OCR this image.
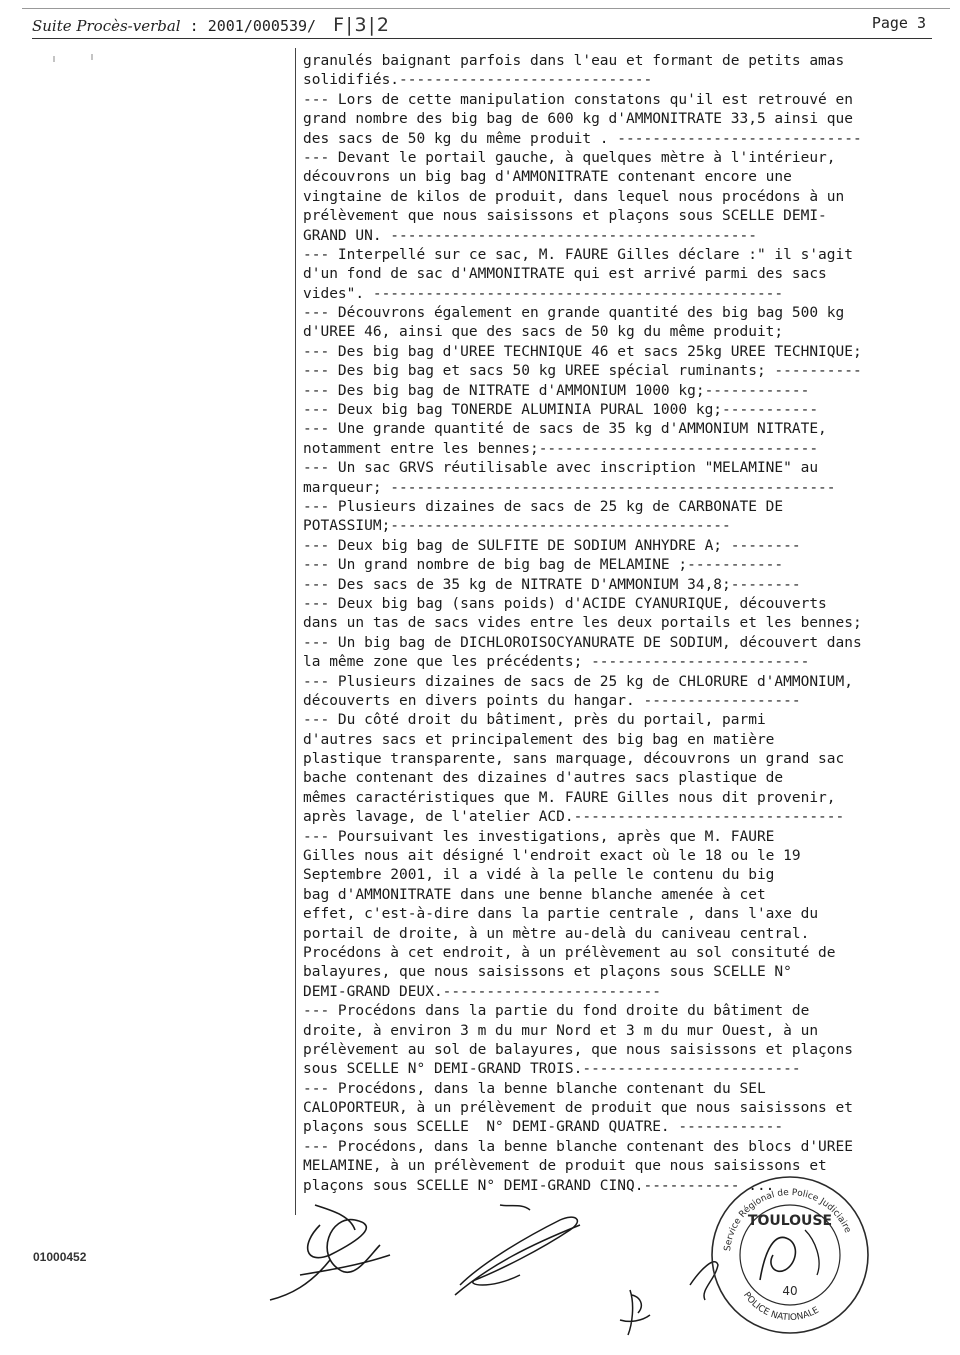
Suite Procès-verbal : 2001/000539/ F|3|2	Page 3
granulés baignant parfois dans l'eau et formant de petits amas
solidifiés.-----------------------------
--- Lors de cette manipulation constatons qu'il est retrouvé en
grand nombre des big bag de 600 kg d'AMMONITRATE 33,5 ainsi que
des sacs de 50 kg du même produit . ----------------------------
--- Devant le portail gauche, à quelques mètre à l'intérieur,
découvrons un big bag d'AMMONITRATE contenant encore une
vingtaine de kilos de produit, dans lequel nous procédons à un
prélèvement que nous saisissons et plaçons sous SCELLE DEMI-
GRAND UN. ------------------------------------------
--- Interpellé sur ce sac, M. FAURE Gilles déclare :" il s'agit
d'un fond de sac d'AMMONITRATE qui est arrivé parmi des sacs
vides". -----------------------------------------------
--- Découvrons également en grande quantité des big bag 500 kg
d'UREE 46, ainsi que des sacs de 50 kg du même produit;
--- Des big bag d'UREE TECHNIQUE 46 et sacs 25kg UREE TECHNIQUE;
--- Des big bag et sacs 50 kg UREE spécial ruminants; ----------
--- Des big bag de NITRATE d'AMMONIUM 1000 kg;------------
--- Deux big bag TONERDE ALUMINIA PURAL 1000 kg;-----------
--- Une grande quantité de sacs de 35 kg d'AMMONIUM NITRATE,
notamment entre les bennes;--------------------------------
--- Un sac GRVS réutilisable avec inscription "MELAMINE" au
marqueur; ---------------------------------------------------
--- Plusieurs dizaines de sacs de 25 kg de CARBONATE DE
POTASSIUM;---------------------------------------
--- Deux big bag de SULFITE DE SODIUM ANHYDRE A; --------
--- Un grand nombre de big bag de MELAMINE ;-----------
--- Des sacs de 35 kg de NITRATE D'AMMONIUM 34,8;--------
--- Deux big bag (sans poids) d'ACIDE CYANURIQUE, découverts
dans un tas de sacs vides entre les deux portails et les bennes;
--- Un big bag de DICHLOROISOCYANURATE DE SODIUM, découvert dans
la même zone que les précédents; -------------------------
--- Plusieurs dizaines de sacs de 25 kg de CHLORURE d'AMMONIUM,
découverts en divers points du hangar. ------------------
--- Du côté droit du bâtiment, près du portail, parmi
d'autres sacs et principalement des big bag en matière
plastique transparente, sans marquage, découvrons un grand sac
bache contenant des dizaines d'autres sacs plastique de
mêmes caractéristiques que M. FAURE Gilles nous dit provenir,
après lavage, de l'atelier ACD.-------------------------------
--- Poursuivant les investigations, après que M. FAURE
Gilles nous ait désigné l'endroit exact où le 18 ou le 19
Septembre 2001, il a vidé à la pelle le contenu du big
bag d'AMMONITRATE dans une benne blanche amenée à cet
effet, c'est-à-dire dans la partie centrale , dans l'axe du
portail de droite, à un mètre au-delà du caniveau central.
Procédons à cet endroit, à un prélèvement au sol consituté de
balayures, que nous saisissons et plaçons sous SCELLE N°
DEMI-GRAND DEUX.-------------------------
--- Procédons dans la partie du fond droite du bâtiment de
droite, à environ 3 m du mur Nord et 3 m du mur Ouest, à un
prélèvement au sol de balayures, que nous saisissons et plaçons
sous SCELLE N° DEMI-GRAND TROIS.-------------------------
--- Procédons, dans la benne blanche contenant du SEL
CALOPORTEUR, à un prélèvement de produit que nous saisissons et
plaçons sous SCELLE  N° DEMI-GRAND QUATRE. ------------
--- Procédons, dans la benne blanche contenant des blocs d'UREE
MELAMINE, à un prélèvement de produit que nous saisissons et
plaçons sous SCELLE N° DEMI-GRAND CINQ.----------- ...
01000452
Service Régional de Police Judiciaire
TOULOUSE
POLICE NATIONALE
40
